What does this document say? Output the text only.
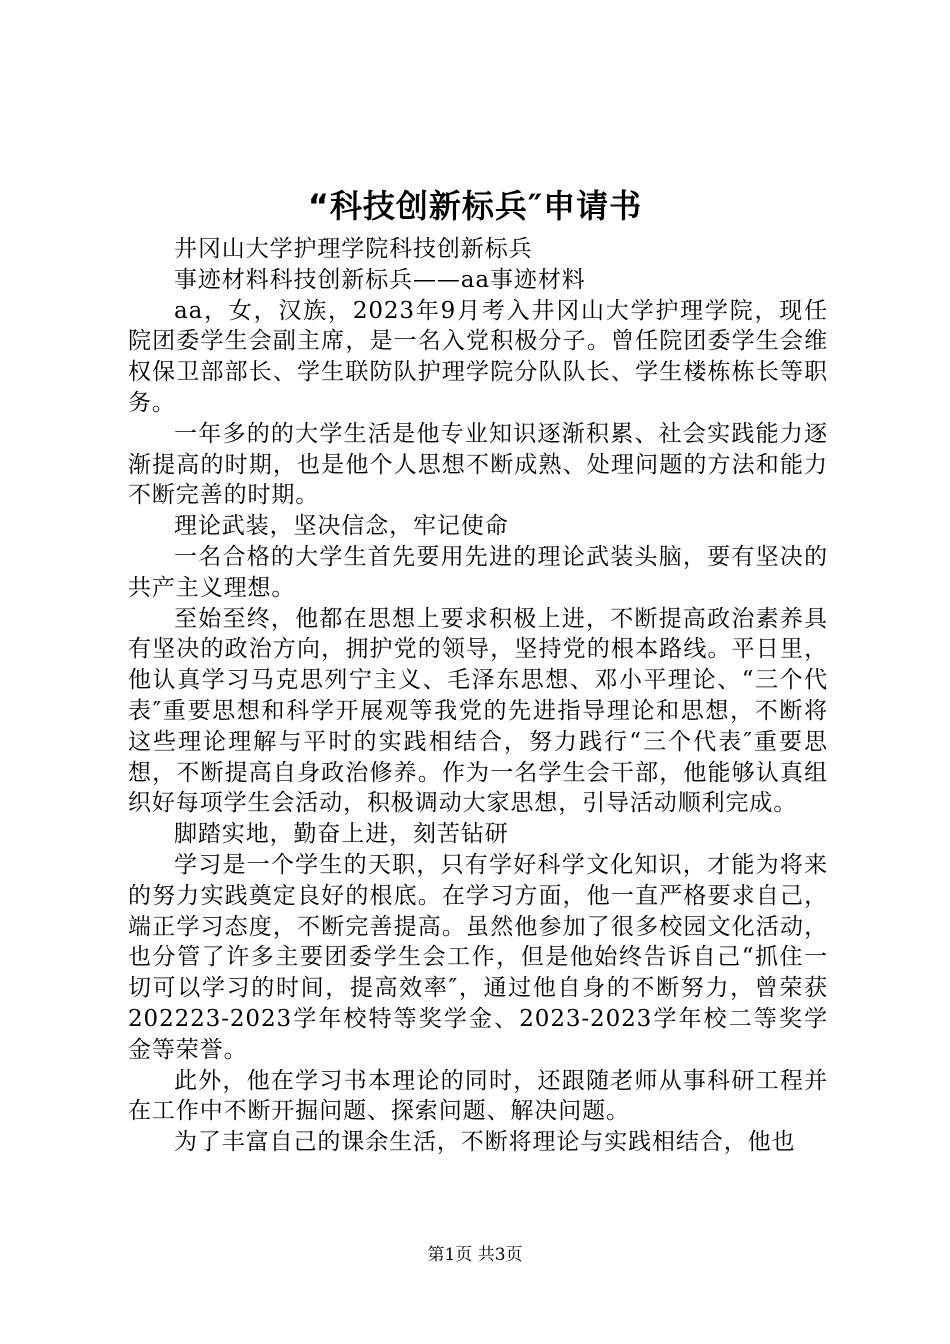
“科技创新标兵″申请书

井冈山大学护理学院科技创新标兵

事迹材料科技创新标兵——aa事迹材料

aa，女，汉族，2023年9月考入井冈山大学护理学院，现任院团委学生会副主席，是一名入党积极分子。曾任院团委学生会维权保卫部部长、学生联防队护理学院分队队长、学生楼栋栋长等职务。

一年多的的大学生活是他专业知识逐渐积累、社会实践能力逐渐提高的时期，也是他个人思想不断成熟、处理问题的方法和能力不断完善的时期。

理论武装，坚决信念，牢记使命

一名合格的大学生首先要用先进的理论武装头脑，要有坚决的共产主义理想。

至始至终，他都在思想上要求积极上进，不断提高政治素养具有坚决的政治方向，拥护党的领导，坚持党的根本路线。平日里，他认真学习马克思列宁主义、毛泽东思想、邓小平理论、“三个代表″重要思想和科学开展观等我党的先进指导理论和思想，不断将这些理论理解与平时的实践相结合，努力践行“三个代表″重要思想，不断提高自身政治修养。作为一名学生会干部，他能够认真组织好每项学生会活动，积极调动大家思想，引导活动顺利完成。

脚踏实地，勤奋上进，刻苦钻研

学习是一个学生的天职，只有学好科学文化知识，才能为将来的努力实践奠定良好的根底。在学习方面，他一直严格要求自己，端正学习态度，不断完善提高。虽然他参加了很多校园文化活动，也分管了许多主要团委学生会工作，但是他始终告诉自己“抓住一切可以学习的时间，提高效率″，通过他自身的不断努力，曾荣获202223-2023学年校特等奖学金、2023-2023学年校二等奖学金等荣誉。

此外，他在学习书本理论的同时，还跟随老师从事科研工程并在工作中不断开掘问题、探索问题、解决问题。

为了丰富自己的课余生活，不断将理论与实践相结合，他也

第1页 共3页
